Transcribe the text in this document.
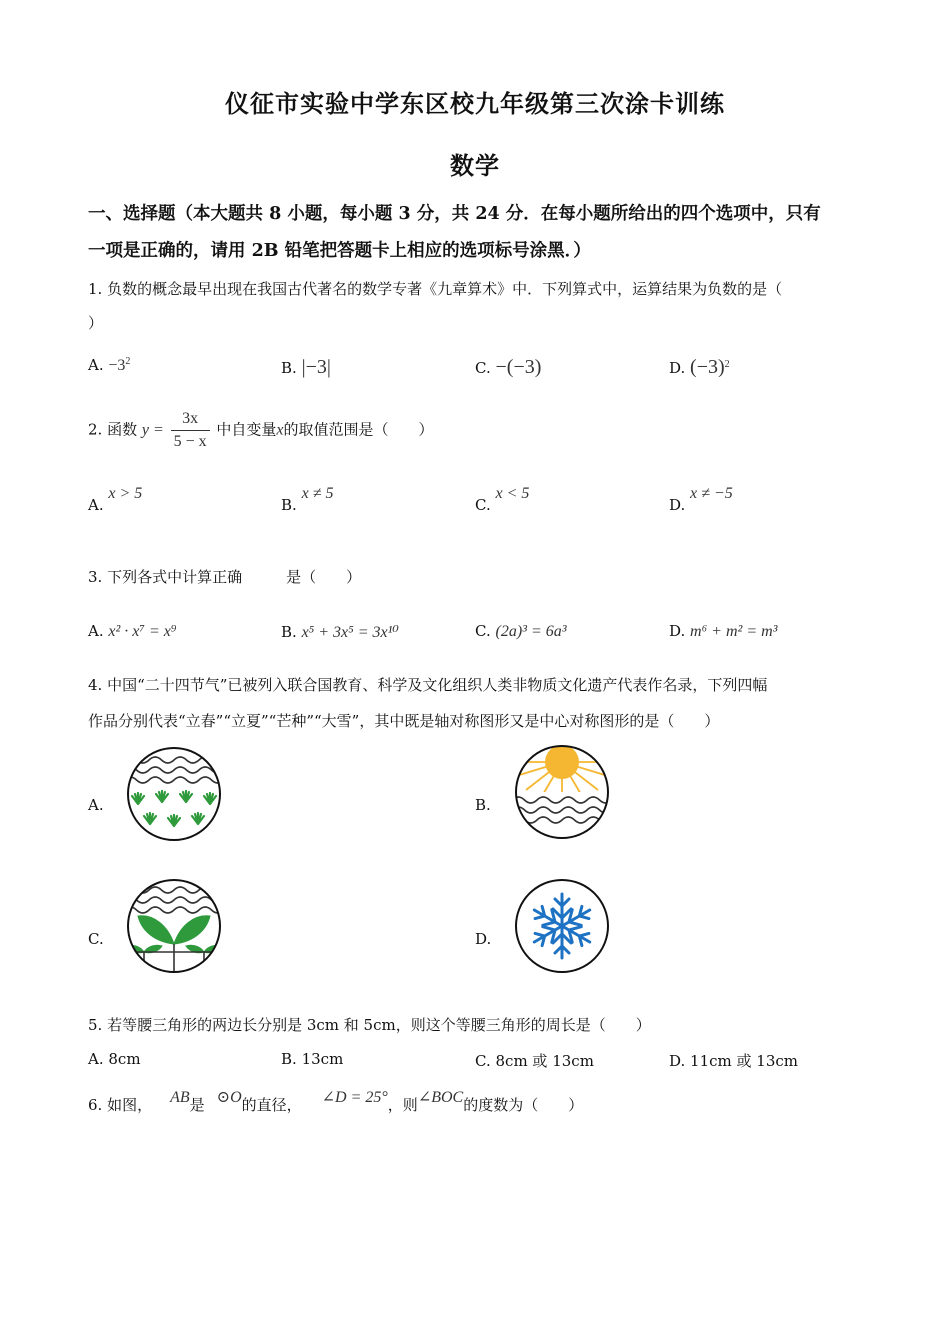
仪征市实验中学东区校九年级第三次涂卡训练
数学
一、选择题（本大题共 8 小题，每小题 3 分，共 24 分．在每小题所给出的四个选项中，只有
一项是正确的，请用 2B 铅笔把答题卡上相应的选项标号涂黑．）
1. 负数的概念最早出现在我国古代著名的数学专著《九章算术》中．下列算式中，运算结果为负数的是（
）
A. $-3^2$	B. |−3|	C. −(−3)	D. $(-3)^2$
2. 函数 $y = \frac{3x}{5 - x}$ 中自变量x的取值范围是（　　）
A. x > 5
B. x ≠ 5
C. x < 5
D. x ≠ −5
3. 下列各式中计算正确	是（　　）
A. x² · x⁷ = x⁹	B. x⁵ + 3x⁵ = 3x¹⁰	C. (2a)³ = 6a³	D. m⁶ + m² = m³
4. 中国“二十四节气”已被列入联合国教育、科学及文化组织人类非物质文化遗产代表作名录，下列四幅
作品分别代表“立春”“立夏”“芒种”“大雪”，其中既是轴对称图形又是中心对称图形的是（　　）
A.	B.
C.	D.
5. 若等腰三角形的两边长分别是 3cm 和 5cm，则这个等腰三角形的周长是（　　）
A. 8cm	B. 13cm	C. 8cm 或 13cm	D. 11cm 或 13cm
6. 如图， AB是 ⊙O的直径， ∠D = 25°，则∠BOC的度数为（　　）
